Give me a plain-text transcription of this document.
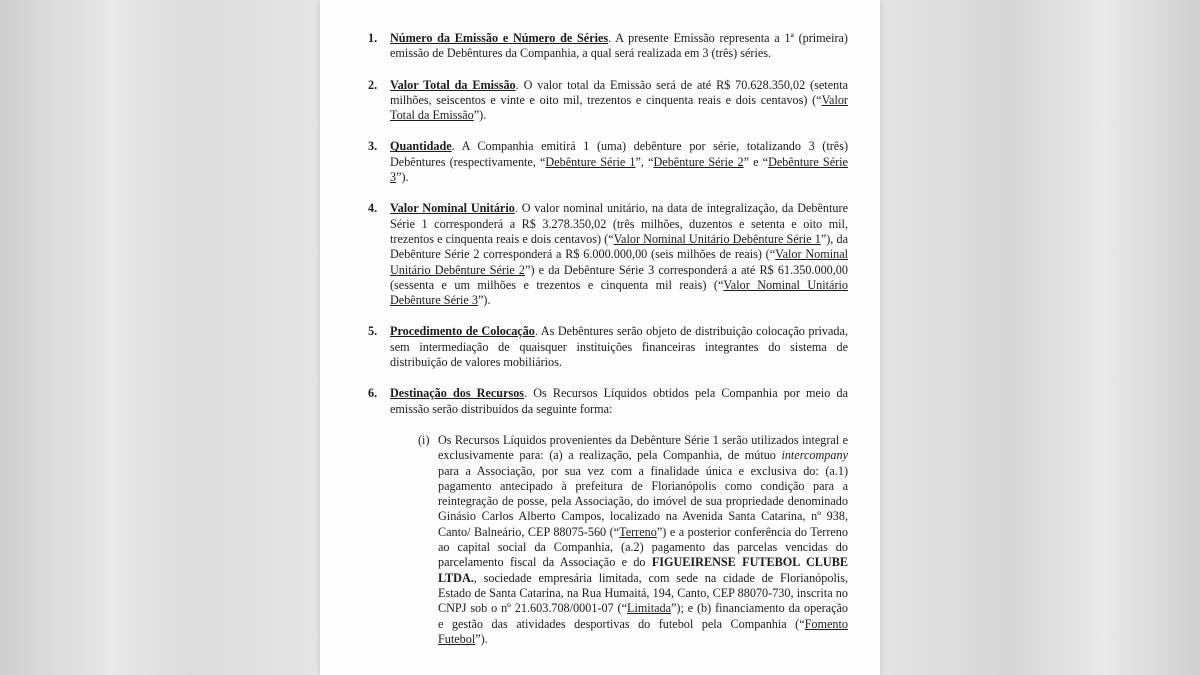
1.	Número da Emissão e Número de Séries. A presente Emissão representa a 1ª (primeira) emissão de Debêntures da Companhia, a qual será realizada em 3 (três) séries.
2.	Valor Total da Emissão. O valor total da Emissão será de até R$ 70.628.350,02 (setenta milhões, seiscentos e vinte e oito mil, trezentos e cinquenta reais e dois centavos) (“Valor Total da Emissão”).
3.	Quantidade. A Companhia emitirá 1 (uma) debênture por série, totalizando 3 (três) Debêntures (respectivamente, “Debênture Série 1”, “Debênture Série 2” e “Debênture Série 3”).
4.	Valor Nominal Unitário. O valor nominal unitário, na data de integralização, da Debênture Série 1 corresponderá a R$ 3.278.350,02 (três milhões, duzentos e setenta e oito mil, trezentos e cinquenta reais e dois centavos) (“Valor Nominal Unitário Debênture Série 1”), da Debênture Série 2 corresponderá a R$ 6.000.000,00 (seis milhões de reais) (“Valor Nominal Unitário Debênture Série 2”) e da Debênture Série 3 corresponderá a até R$ 61.350.000,00 (sessenta e um milhões e trezentos e cinquenta mil reais) (“Valor Nominal Unitário Debênture Série 3”).
5.	Procedimento de Colocação. As Debêntures serão objeto de distribuição colocação privada, sem intermediação de quaisquer instituições financeiras integrantes do sistema de distribuição de valores mobiliários.
6.	Destinação dos Recursos. Os Recursos Líquidos obtidos pela Companhia por meio da emissão serão distribuídos da seguinte forma:
(i) Os Recursos Líquidos provenientes da Debênture Série 1 serão utilizados integral e exclusivamente para: (a) a realização, pela Companhia, de mútuo intercompany para a Associação, por sua vez com a finalidade única e exclusiva do: (a.1) pagamento antecipado à prefeitura de Florianópolis como condição para a reintegração de posse, pela Associação, do imóvel de sua propriedade denominado Ginásio Carlos Alberto Campos, localizado na Avenida Santa Catarina, nº 938, Canto/ Balneário, CEP 88075-560 (“Terreno”) e a posterior conferência do Terreno ao capital social da Companhia, (a.2) pagamento das parcelas vencidas do parcelamento fiscal da Associação e do FIGUEIRENSE FUTEBOL CLUBE LTDA., sociedade empresária limitada, com sede na cidade de Florianópolis, Estado de Santa Catarina, na Rua Humaitá, 194, Canto, CEP 88070-730, inscrita no CNPJ sob o nº 21.603.708/0001-07 (“Limitada”); e (b) financiamento da operação e gestão das atividades desportivas do futebol pela Companhia (“Fomento Futebol”).
